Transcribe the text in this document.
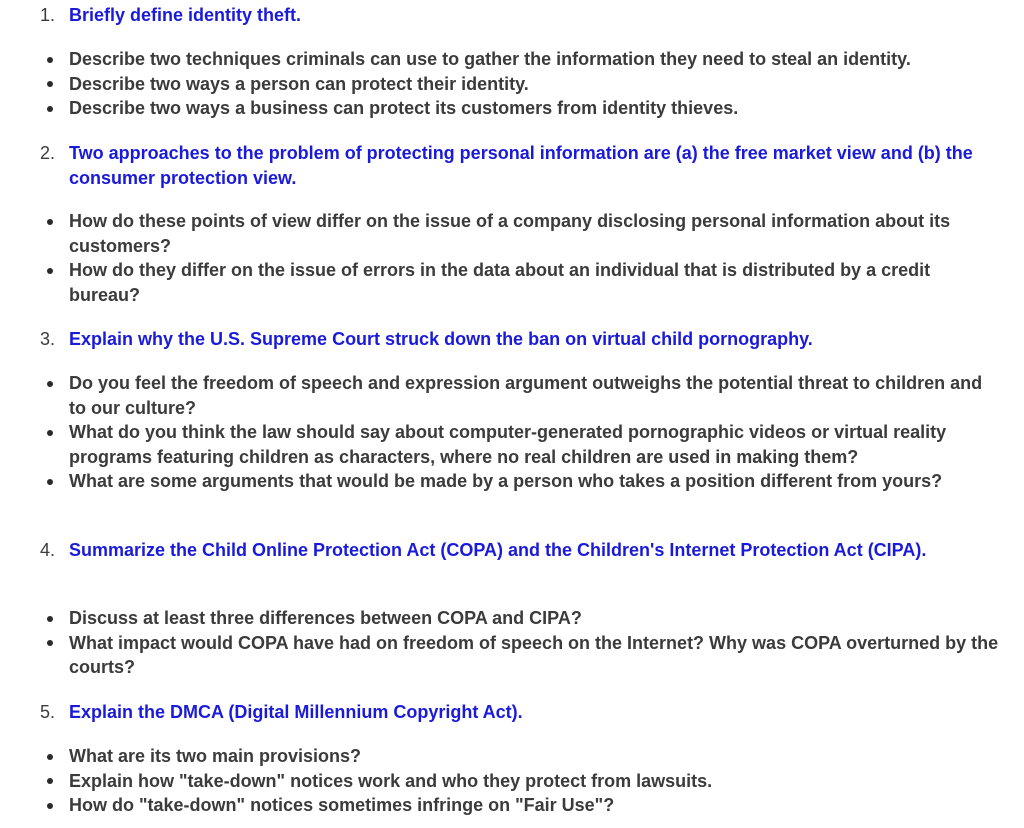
1. Briefly define identity theft.
Describe two techniques criminals can use to gather the information they need to steal an identity.
Describe two ways a person can protect their identity.
Describe two ways a business can protect its customers from identity thieves.
2. Two approaches to the problem of protecting personal information are (a) the free market view and (b) the consumer protection view.
How do these points of view differ on the issue of a company disclosing personal information about its customers?
How do they differ on the issue of errors in the data about an individual that is distributed by a credit bureau?
3. Explain why the U.S. Supreme Court struck down the ban on virtual child pornography.
Do you feel the freedom of speech and expression argument outweighs the potential threat to children and to our culture?
What do you think the law should say about computer-generated pornographic videos or virtual reality programs featuring children as characters, where no real children are used in making them?
What are some arguments that would be made by a person who takes a position different from yours?
4. Summarize the Child Online Protection Act (COPA) and the Children's Internet Protection Act (CIPA).
Discuss at least three differences between COPA and CIPA?
What impact would COPA have had on freedom of speech on the Internet? Why was COPA overturned by the courts?
5. Explain the DMCA (Digital Millennium Copyright Act).
What are its two main provisions?
Explain how "take-down" notices work and who they protect from lawsuits.
How do "take-down" notices sometimes infringe on "Fair Use"?
